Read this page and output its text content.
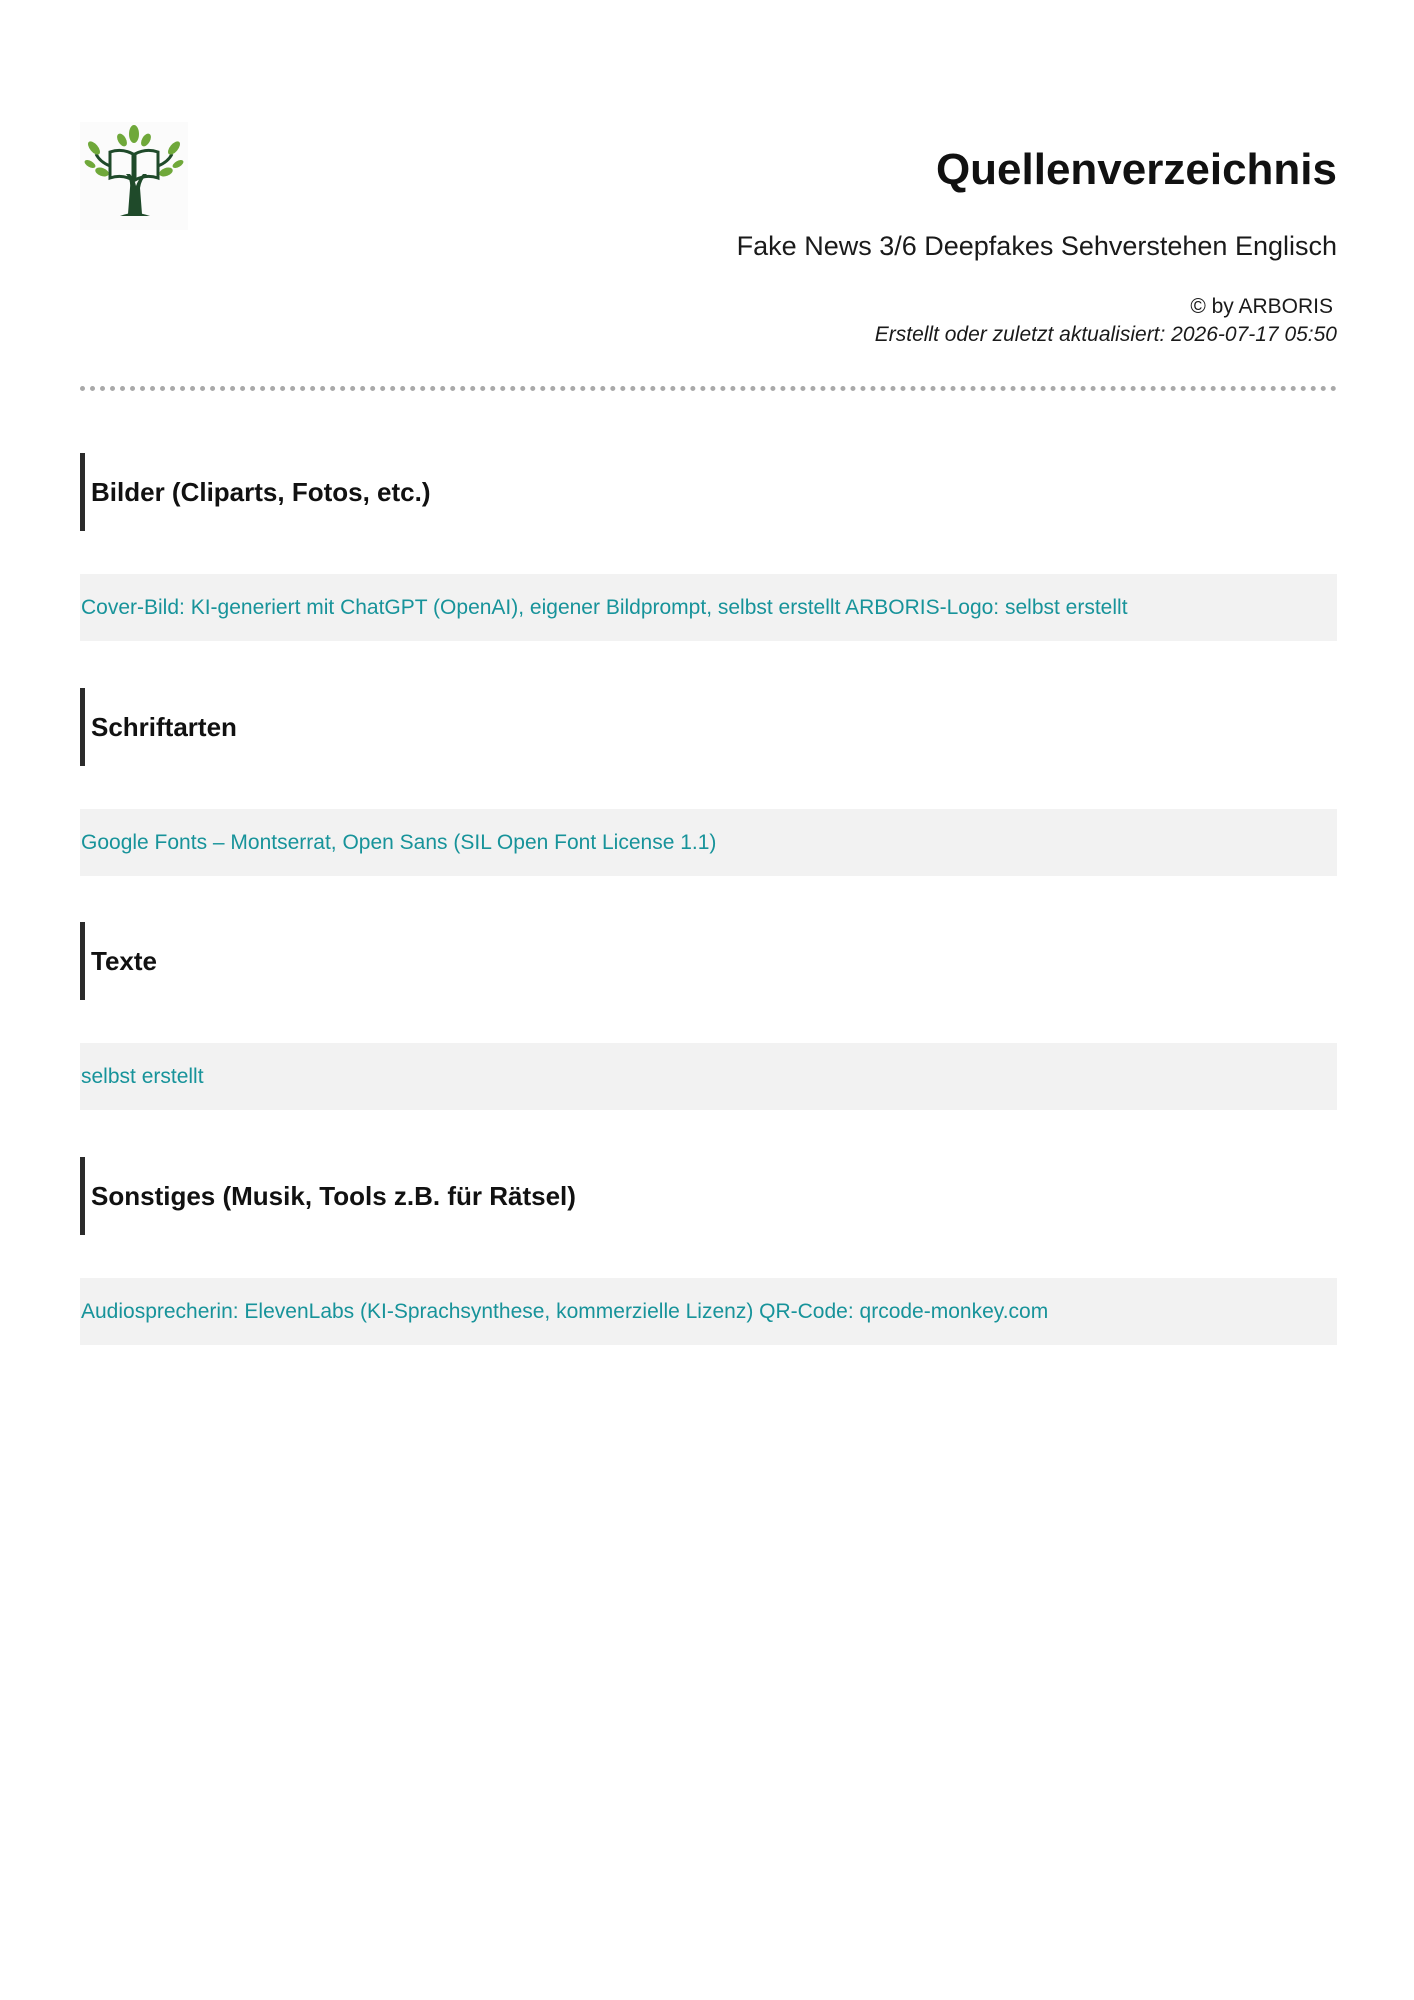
Quellenverzeichnis
Fake News 3/6 Deepfakes Sehverstehen Englisch
© by ARBORIS
Erstellt oder zuletzt aktualisiert: 2026-07-17 05:50
Bilder (Cliparts, Fotos, etc.)
Cover-Bild: KI-generiert mit ChatGPT (OpenAI), eigener Bildprompt, selbst erstellt ARBORIS-Logo: selbst erstellt
Schriftarten
Google Fonts – Montserrat, Open Sans (SIL Open Font License 1.1)
Texte
selbst erstellt
Sonstiges (Musik, Tools z.B. für Rätsel)
Audiosprecherin: ElevenLabs (KI-Sprachsynthese, kommerzielle Lizenz) QR-Code: qrcode-monkey.com
